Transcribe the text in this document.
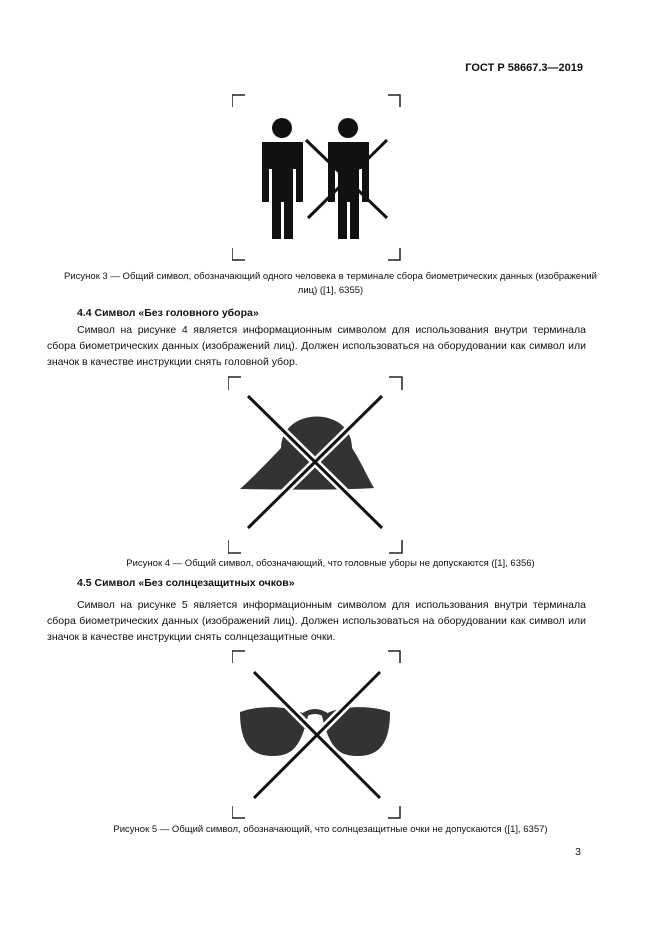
ГОСТ Р 58667.3—2019
Рисунок 3 — Общий символ, обозначающий одного человека в терминале сбора биометрических данных (изображений лиц) ([1], 6355)
4.4 Символ «Без головного убора»
Символ на рисунке 4 является информационным символом для использования внутри терминала сбора биометрических данных (изображений лиц). Должен использоваться на оборудовании как символ или значок в качестве инструкции снять головной убор.
Рисунок 4 — Общий символ, обозначающий, что головные уборы не допускаются ([1], 6356)
4.5 Символ «Без солнцезащитных очков»
Символ на рисунке 5 является информационным символом для использования внутри терминала сбора биометрических данных (изображений лиц). Должен использоваться на оборудовании как символ или значок в качестве инструкции снять солнцезащитные очки.
Рисунок 5 — Общий символ, обозначающий, что солнцезащитные очки не допускаются ([1], 6357)
3
